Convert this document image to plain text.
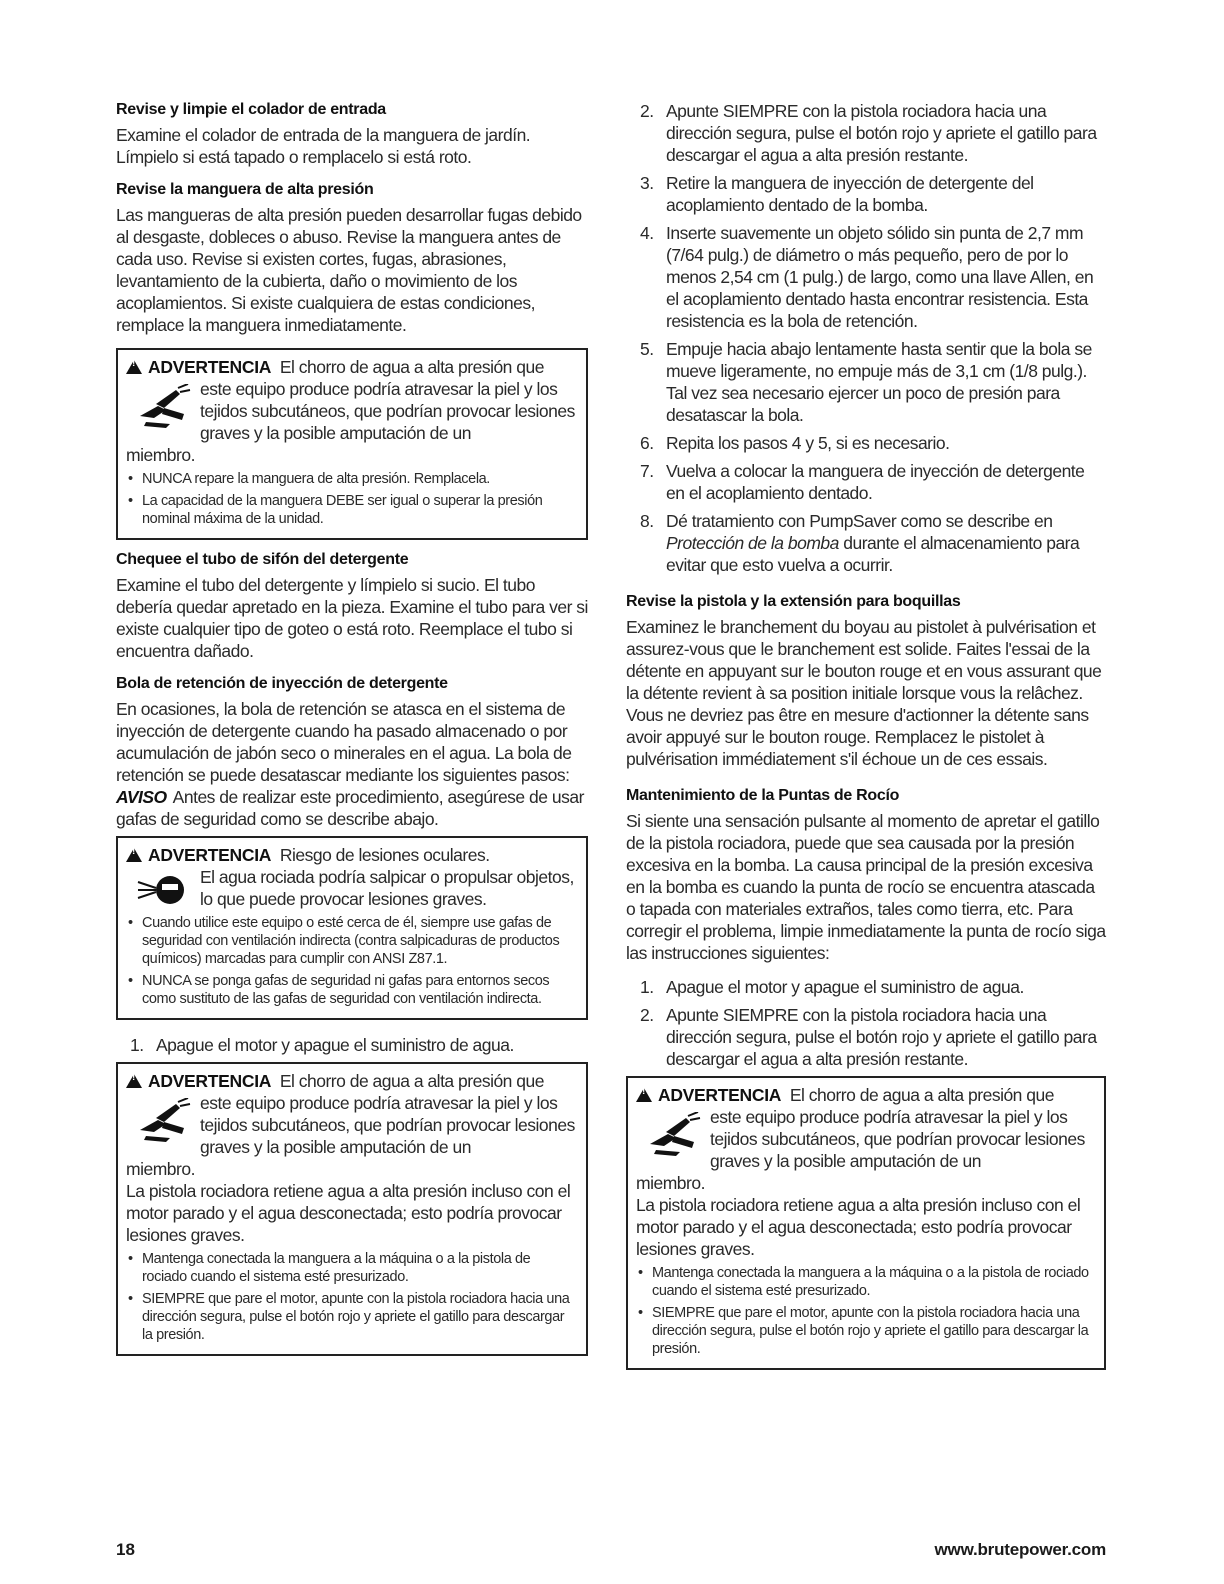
Revise y limpie el colador de entrada

Examine el colador de entrada de la manguera de jardín. Límpielo si está tapado o remplacelo si está roto.

Revise la manguera de alta presión

Las mangueras de alta presión pueden desarrollar fugas debido al desgaste, dobleces o abuso. Revise la manguera antes de cada uso. Revise si existen cortes, fugas, abrasiones, levantamiento de la cubierta, daño o movimiento de los acoplamientos. Si existe cualquiera de estas condiciones, remplace la manguera inmediatamente.

! ADVERTENCIA El chorro de agua a alta presión que
este equipo produce podría atravesar la piel y los tejidos subcutáneos, que podrían provocar lesiones graves y la posible amputación de un
miembro.
• NUNCA repare la manguera de alta presión. Remplacela.
• La capacidad de la manguera DEBE ser igual o superar la presión nominal máxima de la unidad.
Chequee el tubo de sifón del detergente

Examine el tubo del detergente y límpielo si sucio. El tubo debería quedar apretado en la pieza. Examine el tubo para ver si existe cualquier tipo de goteo o está roto. Reemplace el tubo si encuentra dañado.

Bola de retención de inyección de detergente

En ocasiones, la bola de retención se atasca en el sistema de inyección de detergente cuando ha pasado almacenado o por acumulación de jabón seco o minerales en el agua. La bola de retención se puede desatascar mediante los siguientes pasos:

AVISO Antes de realizar este procedimiento, asegúrese de usar gafas de seguridad como se describe abajo.

! ADVERTENCIA Riesgo de lesiones oculares.
El agua rociada podría salpicar o propulsar objetos, lo que puede provocar lesiones graves.
• Cuando utilice este equipo o esté cerca de él, siempre use gafas de seguridad con ventilación indirecta (contra salpicaduras de productos químicos) marcadas para cumplir con ANSI Z87.1.
• NUNCA se ponga gafas de seguridad ni gafas para entornos secos como sustituto de las gafas de seguridad con ventilación indirecta.
1. Apague el motor y apague el suministro de agua.
! ADVERTENCIA El chorro de agua a alta presión que
este equipo produce podría atravesar la piel y los tejidos subcutáneos, que podrían provocar lesiones graves y la posible amputación de un
miembro.
La pistola rociadora retiene agua a alta presión incluso con el motor parado y el agua desconectada; esto podría provocar lesiones graves.
• Mantenga conectada la manguera a la máquina o a la pistola de rociado cuando el sistema esté presurizado.
• SIEMPRE que pare el motor, apunte con la pistola rociadora hacia una dirección segura, pulse el botón rojo y apriete el gatillo para descargar la presión.
2. Apunte SIEMPRE con la pistola rociadora hacia una dirección segura, pulse el botón rojo y apriete el gatillo para descargar el agua a alta presión restante.
3. Retire la manguera de inyección de detergente del acoplamiento dentado de la bomba.
4. Inserte suavemente un objeto sólido sin punta de 2,7 mm (7/64 pulg.) de diámetro o más pequeño, pero de por lo menos 2,54 cm (1 pulg.) de largo, como una llave Allen, en el acoplamiento dentado hasta encontrar resistencia. Esta resistencia es la bola de retención.
5. Empuje hacia abajo lentamente hasta sentir que la bola se mueve ligeramente, no empuje más de 3,1 cm (1/8 pulg.). Tal vez sea necesario ejercer un poco de presión para desatascar la bola.
6. Repita los pasos 4 y 5, si es necesario.
7. Vuelva a colocar la manguera de inyección de detergente en el acoplamiento dentado.
8. Dé tratamiento con PumpSaver como se describe en Protección de la bomba durante el almacenamiento para evitar que esto vuelva a ocurrir.
Revise la pistola y la extensión para boquillas

Examinez le branchement du boyau au pistolet à pulvérisation et assurez-vous que le branchement est solide. Faites l'essai de la détente en appuyant sur le bouton rouge et en vous assurant que la détente revient à sa position initiale lorsque vous la relâchez. Vous ne devriez pas être en mesure d'actionner la détente sans avoir appuyé sur le bouton rouge. Remplacez le pistolet à pulvérisation immédiatement s'il échoue un de ces essais.

Mantenimiento de la Puntas de Rocío

Si siente una sensación pulsante al momento de apretar el gatillo de la pistola rociadora, puede que sea causada por la presión excesiva en la bomba. La causa principal de la presión excesiva en la bomba es cuando la punta de rocío se encuentra atascada o tapada con materiales extraños, tales como tierra, etc. Para corregir el problema, limpie inmediatamente la punta de rocío siga las instrucciones siguientes:

1. Apague el motor y apague el suministro de agua.
2. Apunte SIEMPRE con la pistola rociadora hacia una dirección segura, pulse el botón rojo y apriete el gatillo para descargar el agua a alta presión restante.
! ADVERTENCIA El chorro de agua a alta presión que
este equipo produce podría atravesar la piel y los tejidos subcutáneos, que podrían provocar lesiones graves y la posible amputación de un
miembro.
La pistola rociadora retiene agua a alta presión incluso con el motor parado y el agua desconectada; esto podría provocar lesiones graves.
• Mantenga conectada la manguera a la máquina o a la pistola de rociado cuando el sistema esté presurizado.
• SIEMPRE que pare el motor, apunte con la pistola rociadora hacia una dirección segura, pulse el botón rojo y apriete el gatillo para descargar la presión.
18	www.brutepower.com
